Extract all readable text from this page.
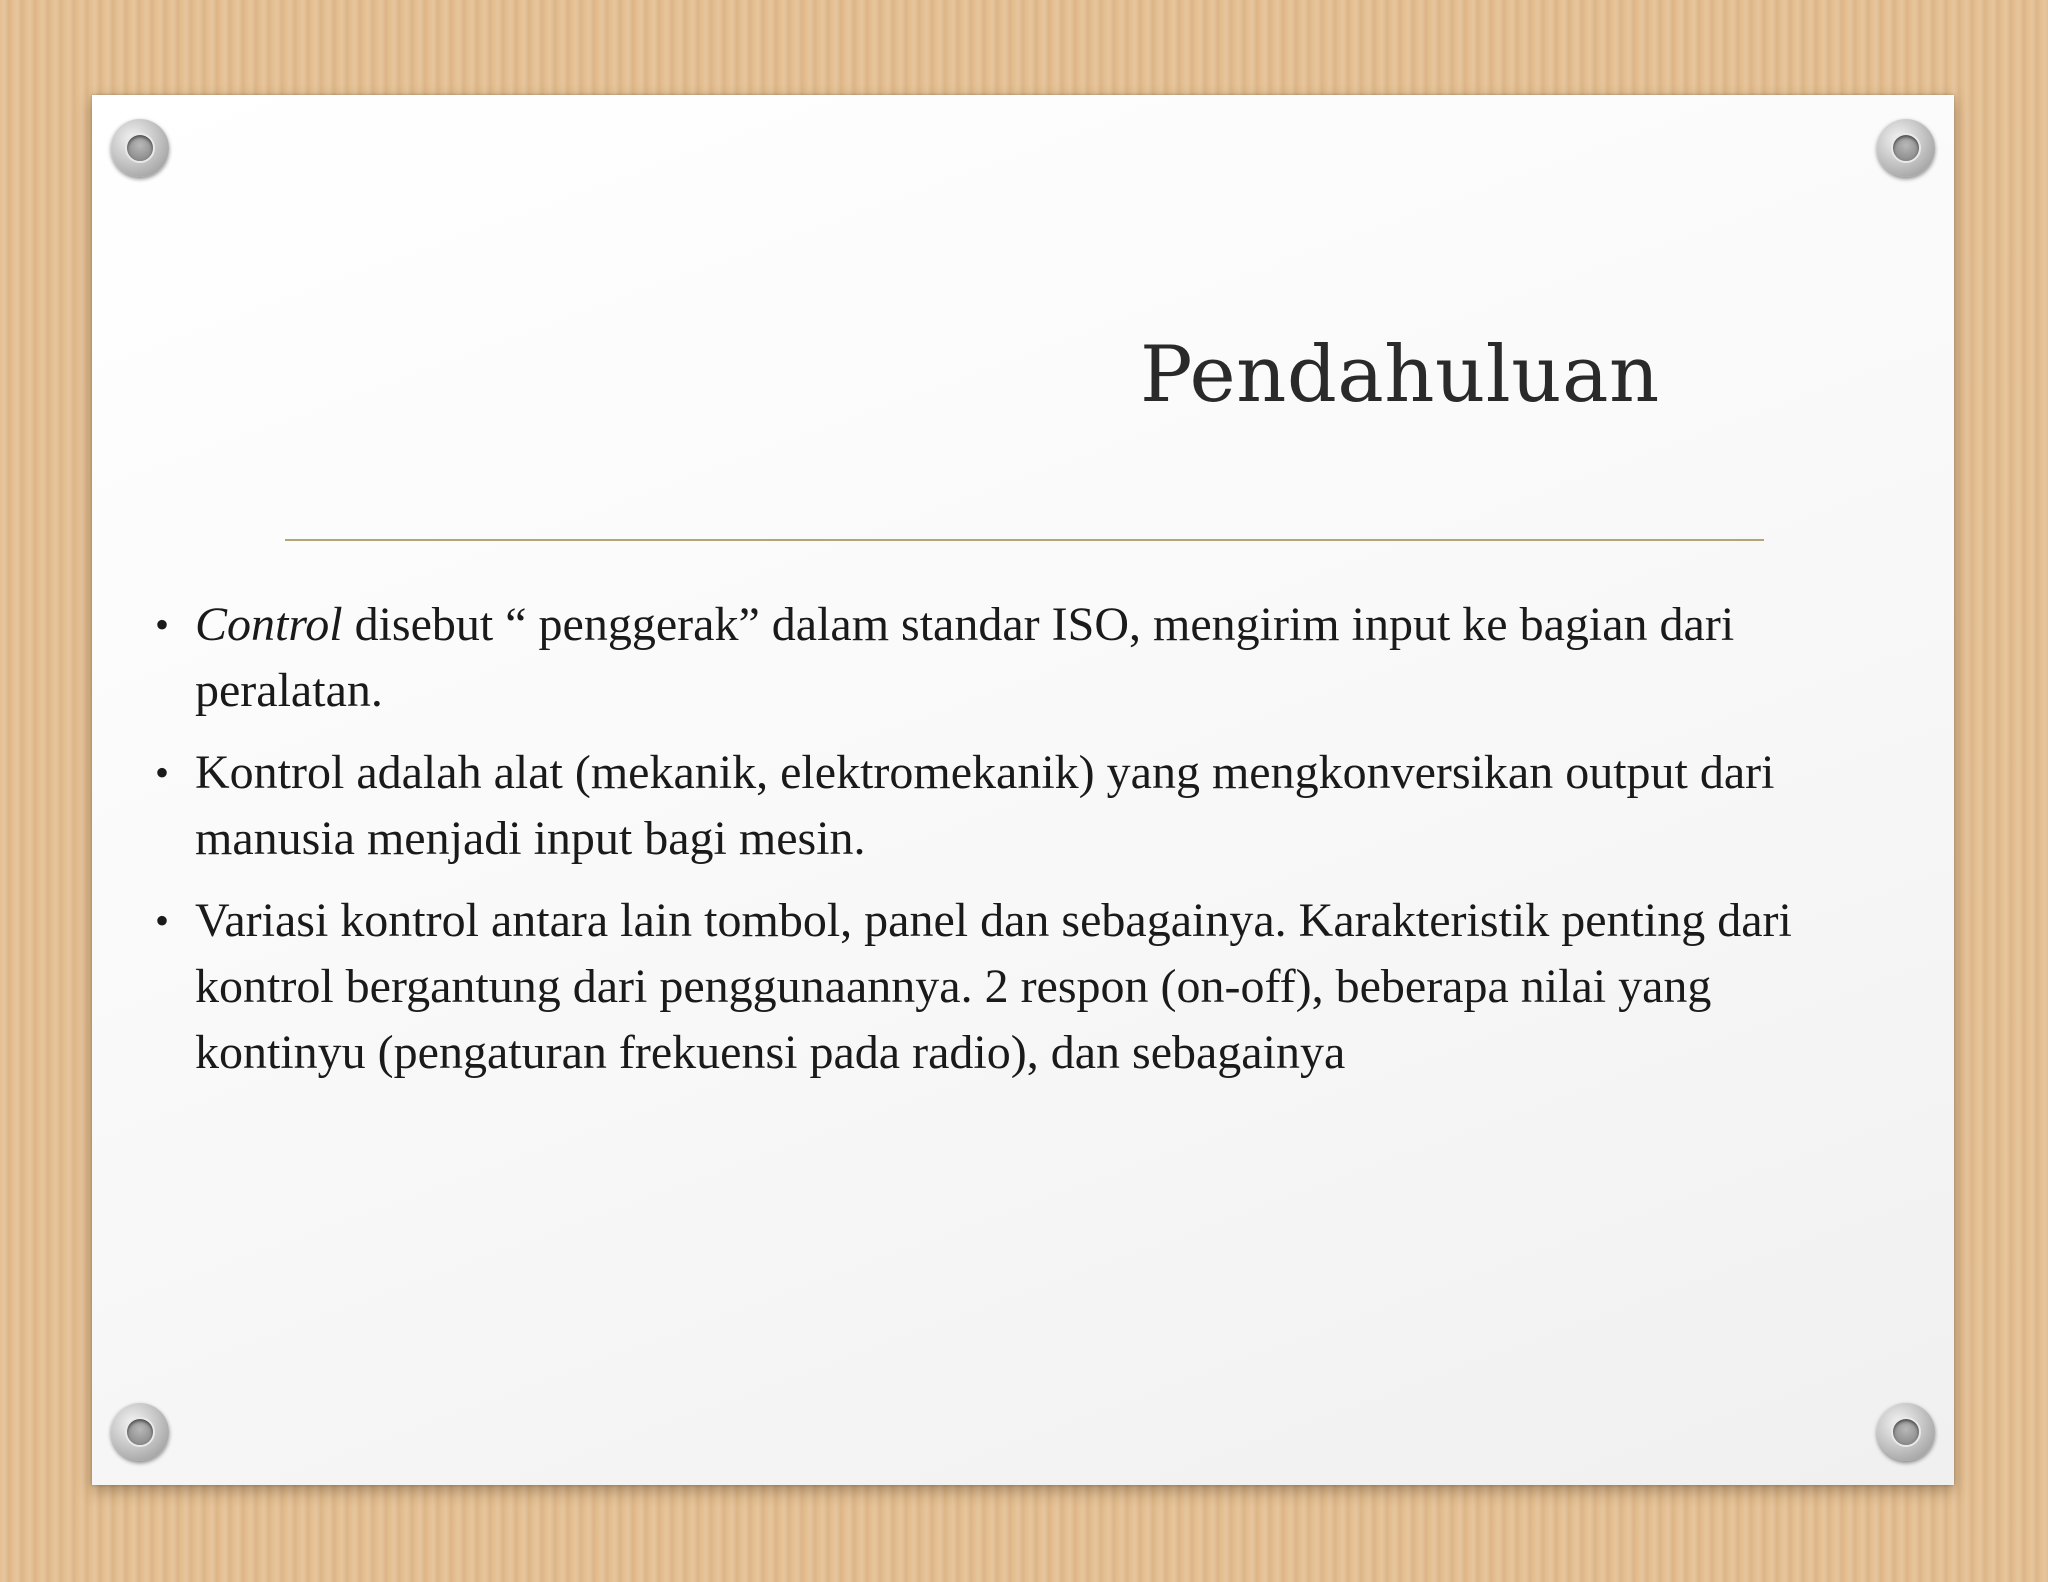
Pendahuluan
• Control disebut “ penggerak” dalam standar ISO, mengirim input ke bagian dari peralatan.
• Kontrol adalah alat (mekanik, elektromekanik) yang mengkonversikan output dari manusia menjadi input bagi mesin.
• Variasi kontrol antara lain tombol, panel dan sebagainya. Karakteristik penting dari kontrol bergantung dari penggunaannya. 2 respon (on-off), beberapa nilai yang kontinyu (pengaturan frekuensi pada radio), dan sebagainya
